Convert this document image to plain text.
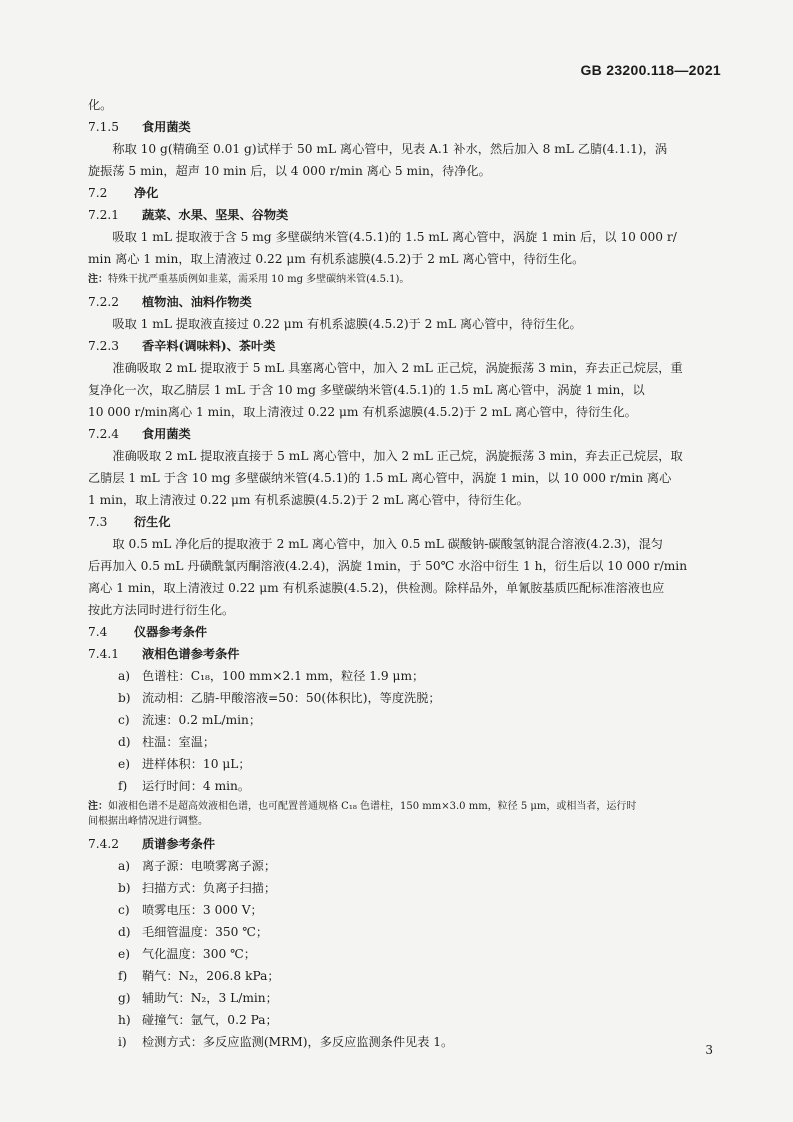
GB 23200.118—2021
化。
7.1.5 食用菌类
称取 10 g(精确至 0.01 g)试样于 50 mL 离心管中，见表 A.1 补水，然后加入 8 mL 乙腈(4.1.1)，涡
旋振荡 5 min，超声 10 min 后，以 4 000 r/min 离心 5 min，待净化。
7.2 净化
7.2.1 蔬菜、水果、坚果、谷物类
吸取 1 mL 提取液于含 5 mg 多壁碳纳米管(4.5.1)的 1.5 mL 离心管中，涡旋 1 min 后，以 10 000 r/
min 离心 1 min，取上清液过 0.22 μm 有机系滤膜(4.5.2)于 2 mL 离心管中，待衍生化。
注：特殊干扰严重基质例如韭菜，需采用 10 mg 多壁碳纳米管(4.5.1)。
7.2.2 植物油、油料作物类
吸取 1 mL 提取液直接过 0.22 μm 有机系滤膜(4.5.2)于 2 mL 离心管中，待衍生化。
7.2.3 香辛料(调味料)、茶叶类
准确吸取 2 mL 提取液于 5 mL 具塞离心管中，加入 2 mL 正己烷，涡旋振荡 3 min，弃去正己烷层，重
复净化一次，取乙腈层 1 mL 于含 10 mg 多壁碳纳米管(4.5.1)的 1.5 mL 离心管中，涡旋 1 min，以
10 000 r/min离心 1 min，取上清液过 0.22 μm 有机系滤膜(4.5.2)于 2 mL 离心管中，待衍生化。
7.2.4 食用菌类
准确吸取 2 mL 提取液直接于 5 mL 离心管中，加入 2 mL 正己烷，涡旋振荡 3 min，弃去正己烷层，取
乙腈层 1 mL 于含 10 mg 多壁碳纳米管(4.5.1)的 1.5 mL 离心管中，涡旋 1 min，以 10 000 r/min 离心
1 min，取上清液过 0.22 μm 有机系滤膜(4.5.2)于 2 mL 离心管中，待衍生化。
7.3 衍生化
取 0.5 mL 净化后的提取液于 2 mL 离心管中，加入 0.5 mL 碳酸钠-碳酸氢钠混合溶液(4.2.3)，混匀
后再加入 0.5 mL 丹磺酰氯丙酮溶液(4.2.4)，涡旋 1min，于 50℃ 水浴中衍生 1 h，衍生后以 10 000 r/min
离心 1 min，取上清液过 0.22 μm 有机系滤膜(4.5.2)，供检测。除样品外，单氰胺基质匹配标准溶液也应
按此方法同时进行衍生化。
7.4 仪器参考条件
7.4.1 液相色谱参考条件
a) 色谱柱：C₁₈，100 mm×2.1 mm，粒径 1.9 μm；
b) 流动相：乙腈-甲酸溶液=50：50(体积比)，等度洗脱；
c) 流速：0.2 mL/min；
d) 柱温：室温；
e) 进样体积：10 μL；
f) 运行时间：4 min。
注：如液相色谱不是超高效液相色谱，也可配置普通规格 C₁₈ 色谱柱，150 mm×3.0 mm，粒径 5 μm，或相当者，运行时
间根据出峰情况进行调整。
7.4.2 质谱参考条件
a) 离子源：电喷雾离子源；
b) 扫描方式：负离子扫描；
c) 喷雾电压：3 000 V；
d) 毛细管温度：350 ℃；
e) 气化温度：300 ℃；
f) 鞘气：N₂，206.8 kPa；
g) 辅助气：N₂，3 L/min；
h) 碰撞气：氩气，0.2 Pa；
i) 检测方式：多反应监测(MRM)，多反应监测条件见表 1。
3
